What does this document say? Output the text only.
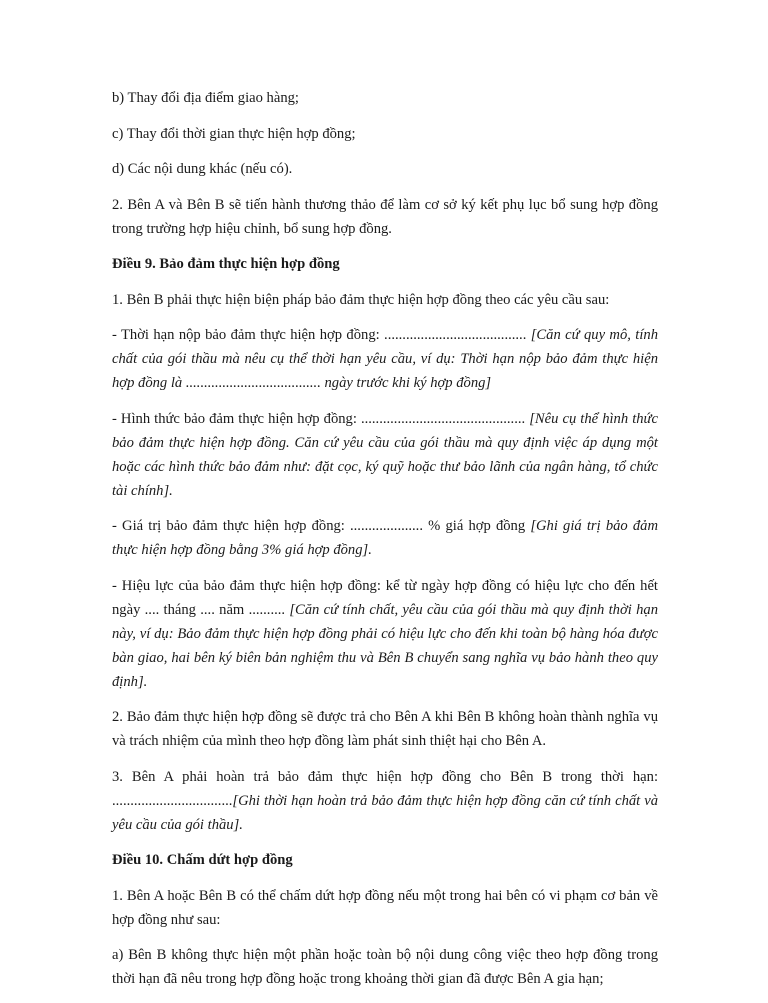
b) Thay đổi địa điểm giao hàng;

c) Thay đổi thời gian thực hiện hợp đồng;

d) Các nội dung khác (nếu có).

2. Bên A và Bên B sẽ tiến hành thương thảo để làm cơ sở ký kết phụ lục bổ sung hợp đồng trong trường hợp hiệu chỉnh, bổ sung hợp đồng.

Điều 9. Bảo đảm thực hiện hợp đồng

1. Bên B phải thực hiện biện pháp bảo đảm thực hiện hợp đồng theo các yêu cầu sau:

- Thời hạn nộp bảo đảm thực hiện hợp đồng: ....................................... [Căn cứ quy mô, tính chất của gói thầu mà nêu cụ thể thời hạn yêu cầu, ví dụ: Thời hạn nộp bảo đảm thực hiện hợp đồng là ..................................... ngày trước khi ký hợp đồng]

- Hình thức bảo đảm thực hiện hợp đồng: ............................................. [Nêu cụ thể hình thức bảo đảm thực hiện hợp đồng. Căn cứ yêu cầu của gói thầu mà quy định việc áp dụng một hoặc các hình thức bảo đảm như: đặt cọc, ký quỹ hoặc thư bảo lãnh của ngân hàng, tổ chức tài chính].

- Giá trị bảo đảm thực hiện hợp đồng: .................... % giá hợp đồng [Ghi giá trị bảo đảm thực hiện hợp đồng bằng 3% giá hợp đồng].

- Hiệu lực của bảo đảm thực hiện hợp đồng: kể từ ngày hợp đồng có hiệu lực cho đến hết ngày .... tháng .... năm .......... [Căn cứ tính chất, yêu cầu của gói thầu mà quy định thời hạn này, ví dụ: Bảo đảm thực hiện hợp đồng phải có hiệu lực cho đến khi toàn bộ hàng hóa được bàn giao, hai bên ký biên bản nghiệm thu và Bên B chuyển sang nghĩa vụ bảo hành theo quy định].

2. Bảo đảm thực hiện hợp đồng sẽ được trả cho Bên A khi Bên B không hoàn thành nghĩa vụ và trách nhiệm của mình theo hợp đồng làm phát sinh thiệt hại cho Bên A.

3. Bên A phải hoàn trả bảo đảm thực hiện hợp đồng cho Bên B trong thời hạn: .................................[Ghi thời hạn hoàn trả bảo đảm thực hiện hợp đồng căn cứ tính chất và yêu cầu của gói thầu].

Điều 10. Chấm dứt hợp đồng

1. Bên A hoặc Bên B có thể chấm dứt hợp đồng nếu một trong hai bên có vi phạm cơ bản về hợp đồng như sau:

a) Bên B không thực hiện một phần hoặc toàn bộ nội dung công việc theo hợp đồng trong thời hạn đã nêu trong hợp đồng hoặc trong khoảng thời gian đã được Bên A gia hạn;
